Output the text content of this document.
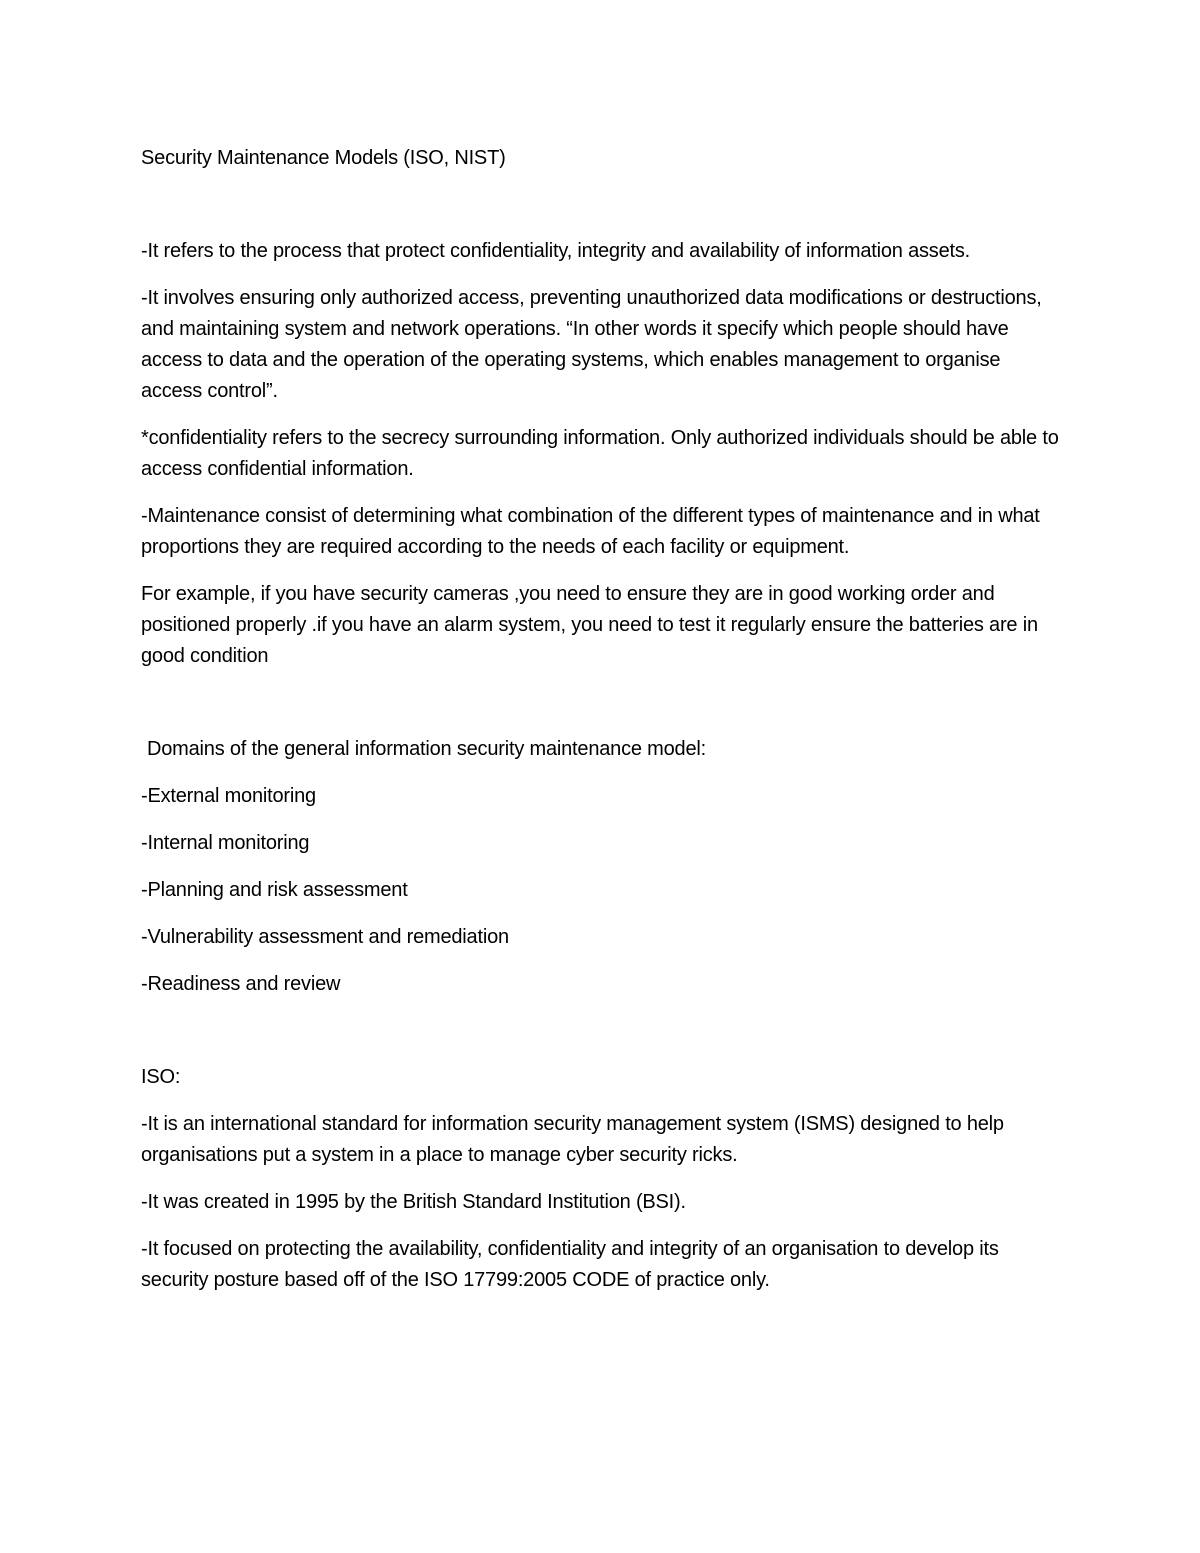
Security Maintenance Models (ISO, NIST)

-It refers to the process that protect confidentiality, integrity and availability of information assets.

-It involves ensuring only authorized access, preventing unauthorized data modifications or destructions, and maintaining system and network operations. “In other words it specify which people should have access to data and the operation of the operating systems, which enables management to organise access control”.

*confidentiality refers to the secrecy surrounding information. Only authorized individuals should be able to access confidential information.

-Maintenance consist of determining what combination of the different types of maintenance and in what proportions they are required according to the needs of each facility or equipment.

For example, if you have security cameras ,you need to ensure they are in good working order and positioned properly .if you have an alarm system, you need to test it regularly ensure the batteries are in good condition

Domains of the general information security maintenance model:

-External monitoring

-Internal monitoring

-Planning and risk assessment

-Vulnerability assessment and remediation

-Readiness and review

ISO:

-It is an international standard for information security management system (ISMS) designed to help organisations put a system in a place to manage cyber security ricks.

-It was created in 1995 by the British Standard Institution (BSI).

-It focused on protecting the availability, confidentiality and integrity of an organisation to develop its security posture based off of the ISO 17799:2005 CODE of practice only.
